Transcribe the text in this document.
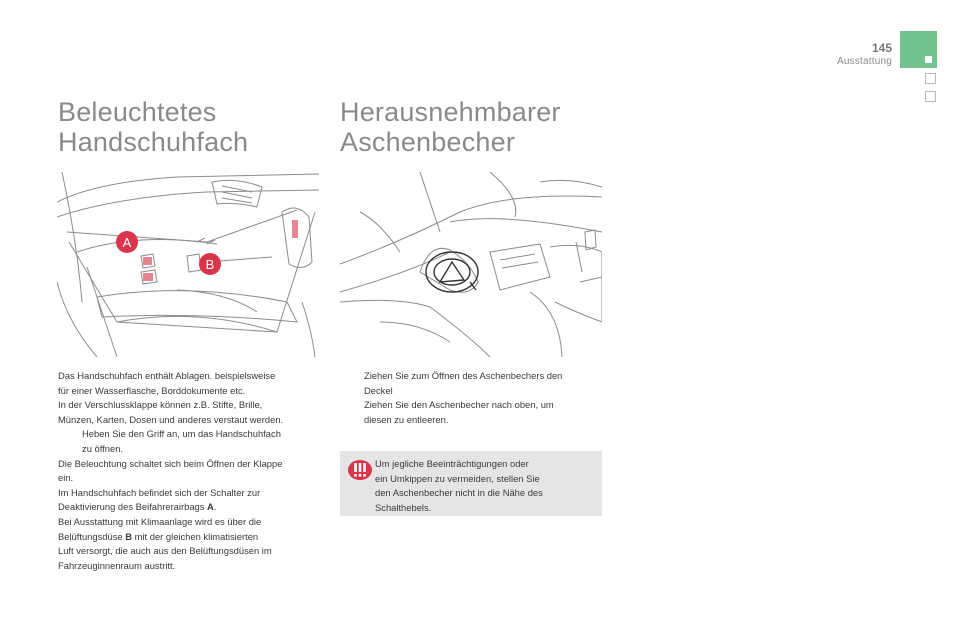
145
Ausstattung
Beleuchtetes
Handschuhfach
A
B

Das Handschuhfach enthält Ablagen. beispielsweise

für einer Wasserflasche, Borddokumente etc.

In der Verschlussklappe können z.B. Stifte, Brille,

Münzen, Karten, Dosen und anderes verstaut werden.

Heben Sie den Griff an, um das Handschuhfach

zu öffnen.

Die Beleuchtung schaltet sich beim Öffnen der Klappe

ein.

Im Handschuhfach befindet sich der Schalter zur

Deaktivierung des Beifahrerairbags A.

Bei Ausstattung mit Klimaanlage wird es über die

Belüftungsdüse B mit der gleichen klimatisierten

Luft versorgt, die auch aus den Belüftungsdüsen im

Fahrzeuginnenraum austritt.

Herausnehmbarer
Aschenbecher

Ziehen Sie zum Öffnen des Aschenbechers den

Deckel

Ziehen Sie den Aschenbecher nach oben, um

diesen zu entleeren.

Um jegliche Beeinträchtigungen oder
ein Umkippen zu vermeiden, stellen Sie
den Aschenbecher nicht in die Nähe des
Schalthebels.
